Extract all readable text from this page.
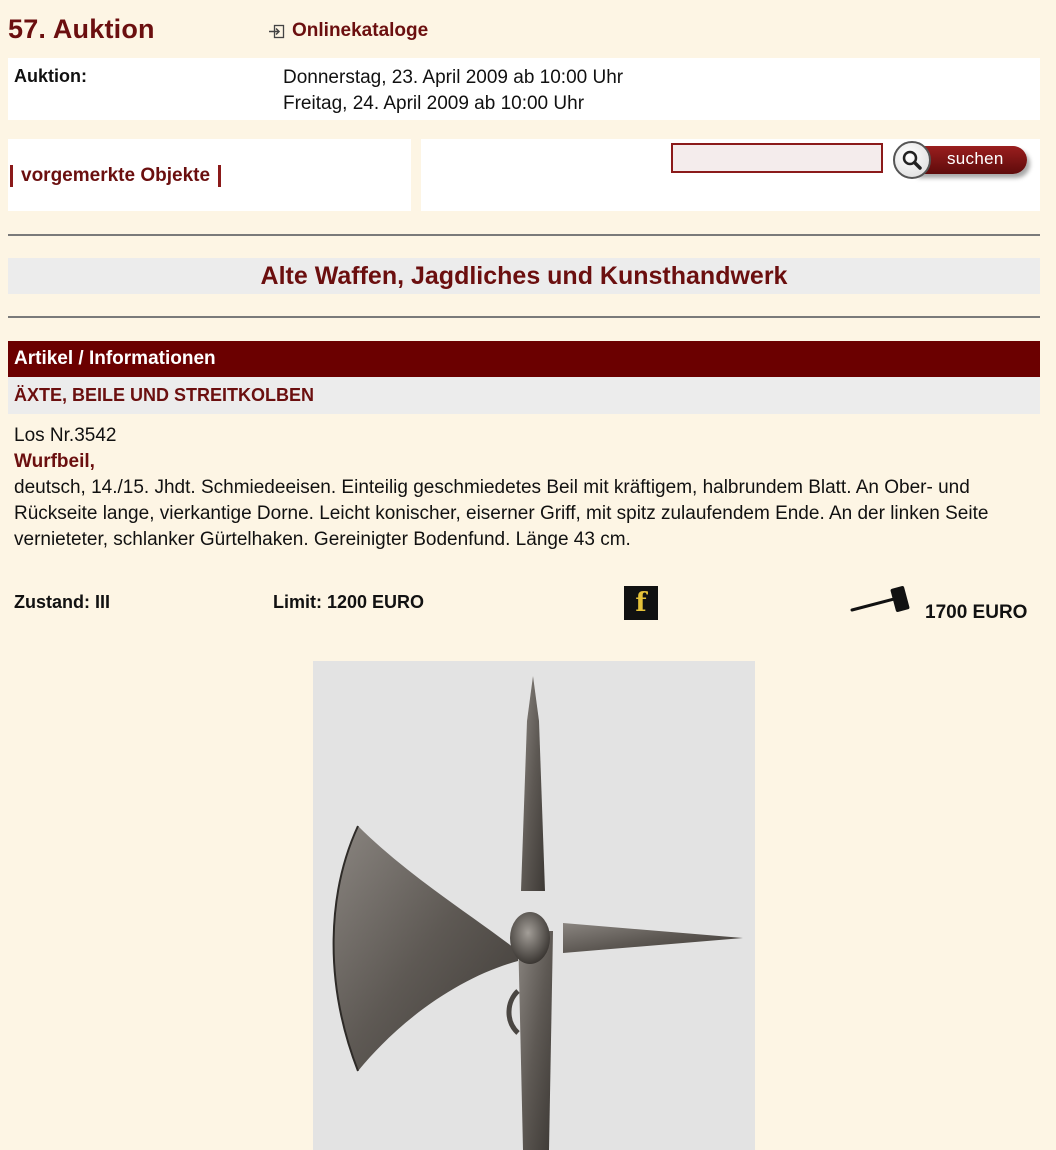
57. Auktion	Onlinekataloge
Auktion:	Donnerstag, 23. April 2009 ab 10:00 Uhr
Freitag, 24. April 2009 ab 10:00 Uhr
vorgemerkte Objekte
suchen
Alte Waffen, Jagdliches und Kunsthandwerk
Artikel / Informationen
ÄXTE, BEILE UND STREITKOLBEN
Los Nr.3542
Wurfbeil,
deutsch, 14./15. Jhdt. Schmiedeeisen. Einteilig geschmiedetes Beil mit kräftigem, halbrundem Blatt. An Ober- und Rückseite lange, vierkantige Dorne. Leicht konischer, eiserner Griff, mit spitz zulaufendem Ende. An der linken Seite vernieteter, schlanker Gürtelhaken. Gereinigter Bodenfund. Länge 43 cm.
Zustand: III	Limit: 1200 EURO	f	1700 EURO
